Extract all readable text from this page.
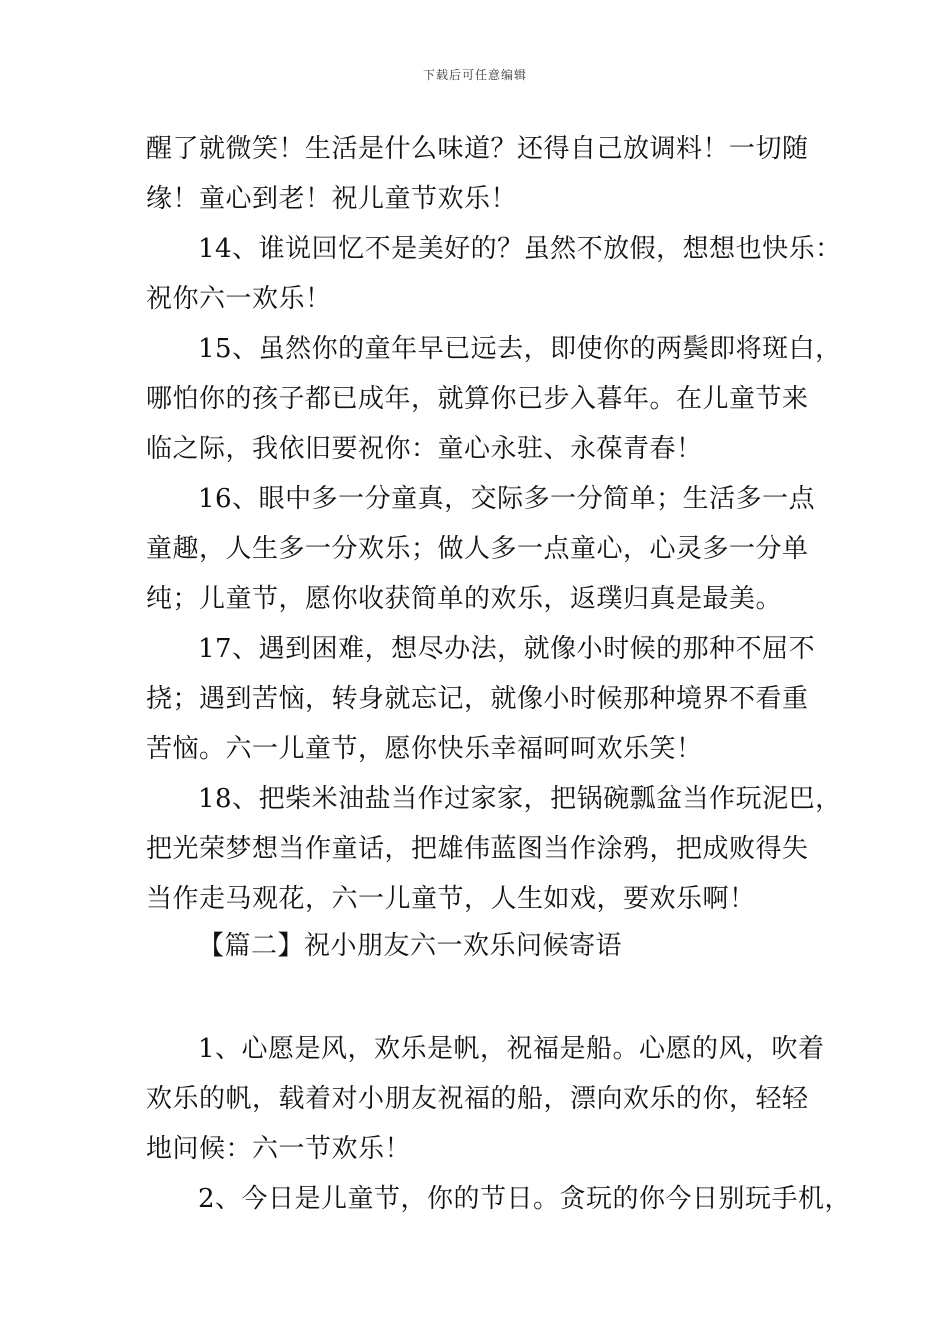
下载后可任意编辑
醒了就微笑！生活是什么味道？还得自己放调料！一切随
缘！童心到老！祝儿童节欢乐！
14、谁说回忆不是美好的？虽然不放假，想想也快乐：
祝你六一欢乐！
15、虽然你的童年早已远去，即使你的两鬓即将斑白，
哪怕你的孩子都已成年，就算你已步入暮年。在儿童节来
临之际，我依旧要祝你：童心永驻、永葆青春！
16、眼中多一分童真，交际多一分简单；生活多一点
童趣，人生多一分欢乐；做人多一点童心，心灵多一分单
纯；儿童节，愿你收获简单的欢乐，返璞归真是最美。
17、遇到困难，想尽办法，就像小时候的那种不屈不
挠；遇到苦恼，转身就忘记，就像小时候那种境界不看重
苦恼。六一儿童节，愿你快乐幸福呵呵欢乐笑！
18、把柴米油盐当作过家家，把锅碗瓢盆当作玩泥巴，
把光荣梦想当作童话，把雄伟蓝图当作涂鸦，把成败得失
当作走马观花，六一儿童节，人生如戏，要欢乐啊！
【篇二】祝小朋友六一欢乐问候寄语
1、心愿是风，欢乐是帆，祝福是船。心愿的风，吹着
欢乐的帆，载着对小朋友祝福的船，漂向欢乐的你，轻轻
地问候：六一节欢乐！
2、今日是儿童节，你的节日。贪玩的你今日别玩手机，
